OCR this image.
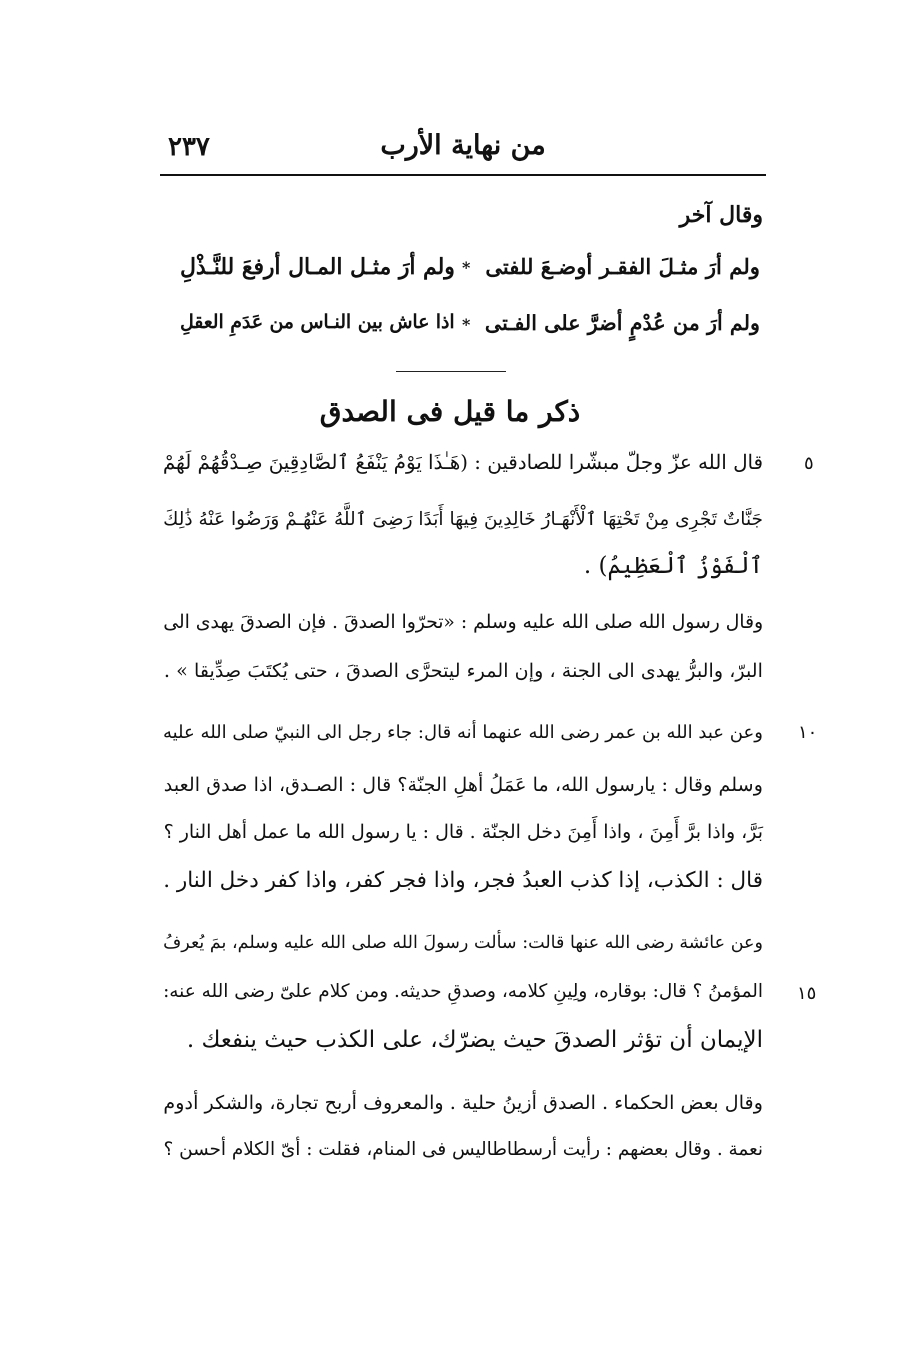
٢٣٧	من نهاية الأرب
وقال آخر
ولم أرَ مثـلَ الفقـر أوضـعَ للفتى
*
ولم أرَ مثـل المـال أرفعَ للنَّـذْلِ
ولم أرَ من عُدْمٍ أضرَّ على الفـتى
*
اذا عاش بين النـاس من عَدَمِ العقلِ
ذكر ما قيل فى الصدق
٥
١٠
١٥
قال الله عزّ وجلّ مبشّرا للصادقين : (هَـٰذَا يَوْمُ يَنْفَعُ ٱلصَّادِقِينَ صِـدْقُهُمْ لَهُمْ
جَنَّاتٌ تَجْرِى مِنْ تَحْتِهَا ٱلْأَنْهَـارُ خَالِدِينَ فِيهَا أَبَدًا رَضِىَ ٱللَّهُ عَنْهُـمْ وَرَضُوا عَنْهُ ذَٰلِكَ
ٱلْفَوْزُ ٱلْعَظِيمُ) .
وقال رسول الله صلى الله عليه وسلم : «تحرّوا الصدقَ . فإن الصدقَ يهدى الى
البرّ، والبرُّ يهدى الى الجنة ، وإن المرء ليتحرَّى الصدقَ ، حتى يُكتَبَ صِدِّيقا » .
وعن عبد الله بن عمر رضى الله عنهما أنه قال: جاء رجل الى النبيّ صلى الله عليه
وسلم وقال : يارسول الله، ما عَمَلُ أهلِ الجنّة؟ قال : الصـدق، اذا صدق العبد
بَرَّ، واذا برَّ أَمِنَ ، واذا أَمِنَ دخل الجنّة . قال : يا رسول الله ما عمل أهل النار ؟
قال : الكذب، إذا كذب العبدُ فجر، واذا فجر كفر، واذا كفر دخل النار .
وعن عائشة رضى الله عنها قالت: سألت رسولَ الله صلى الله عليه وسلم، بمَ يُعرفُ
المؤمنُ ؟ قال: بوقاره، ولِينِ كلامه، وصدقِ حديثه. ومن كلام علىّ رضى الله عنه:
الإيمان أن تؤثر الصدقَ حيث يضرّك، على الكذب حيث ينفعك .
وقال بعض الحكماء . الصدق أزينُ حلية . والمعروف أربح تجارة، والشكر أدوم
نعمة . وقال بعضهم : رأيت أرسطاطاليس فى المنام، فقلت : أىّ الكلام أحسن ؟
